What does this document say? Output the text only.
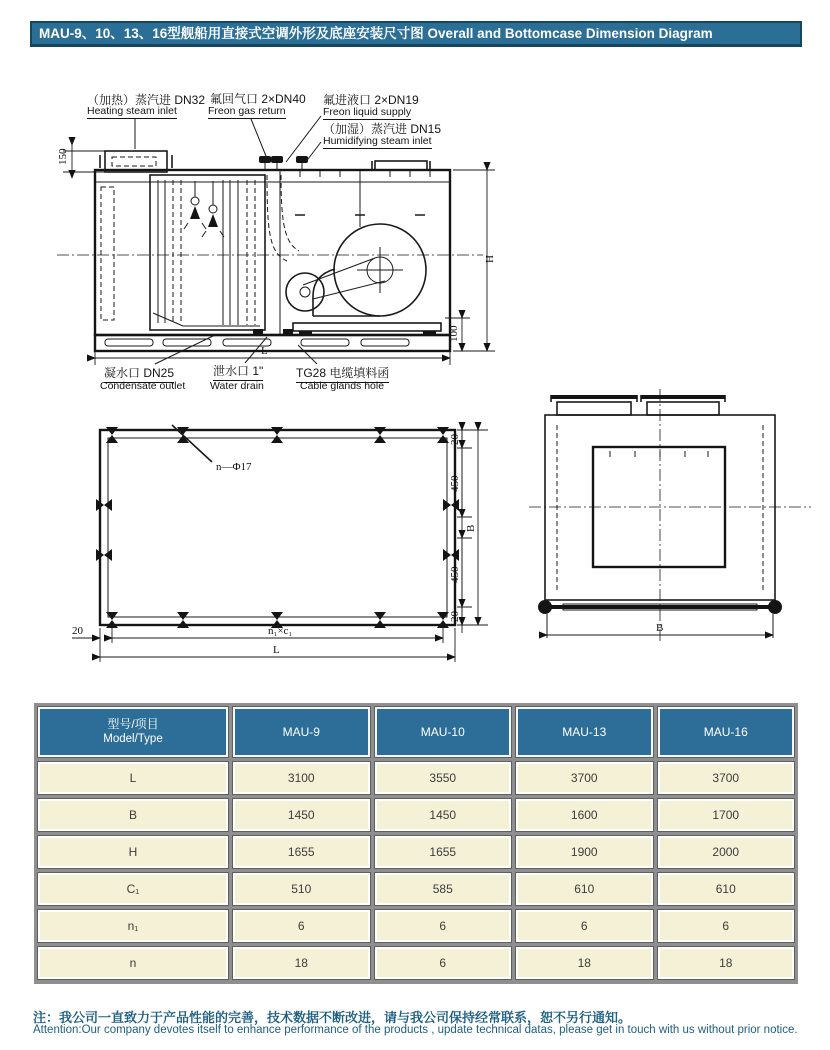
MAU-9、10、13、16型舰船用直接式空调外形及底座安装尺寸图 Overall and Bottomcase Dimension Diagram
150
H
100
L
（加热）蒸汽进 DN32
Heating steam inlet
氟回气口 2×DN40
Freon gas return
氟进液口 2×DN19
Freon liquid supply
（加湿）蒸汽进 DN15
Humidifying steam inlet
凝水口 DN25
Condensate outlet
泄水口 1"
Water drain
TG28 电缆填料函
Cable glands hole
n—Φ17
20
450
450
20
B
n₁×c₁
L
20	B
型号/项目
Model/Type
MAU-9	MAU-10	MAU-13	MAU-16
L	3100	3550	3700	3700
B	1450	1450	1600	1700
H	1655	1655	1900	2000
C₁	510	585	610	610
n₁	6	6	6	6
n	18	6	18	18
注：我公司一直致力于产品性能的完善，技术数据不断改进，请与我公司保持经常联系，恕不另行通知。
Attention:Our company devotes itself to enhance performance of the products , update technical datas, please get in touch with us without prior notice.
